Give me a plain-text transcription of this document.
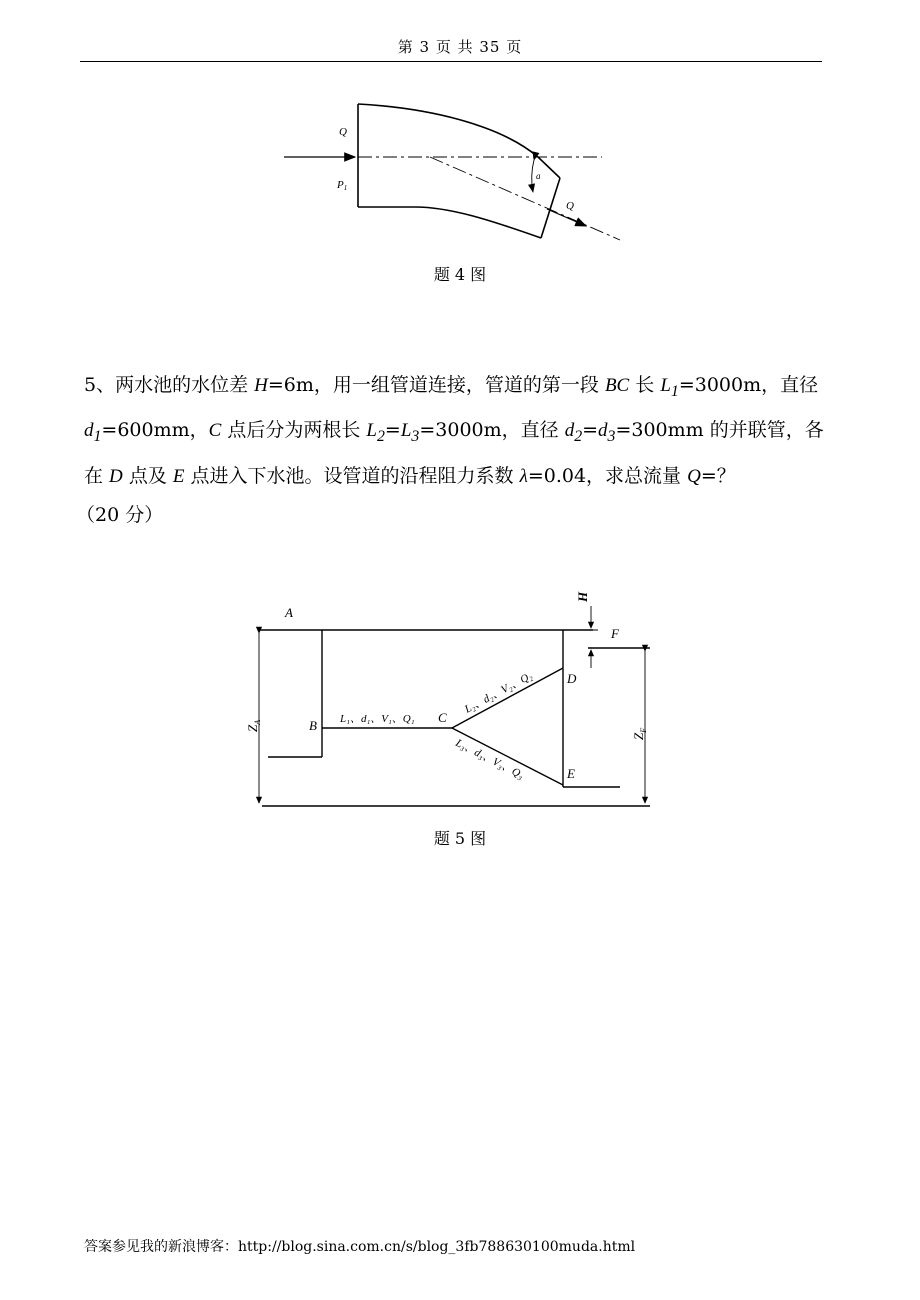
第 3 页 共 35 页
Q
P1
a
Q
题 4 图

5、两水池的水位差 H=6m，用一组管道连接，管道的第一段 BC 长 $L_1=3000m$，直径 $d_1=600mm$，C 点后分为两根长 $L_2=L_3=3000m$，直径 $d_2=d_3=300mm$ 的并联管，各在 D 点及 E 点进入下水池。设管道的沿程阻力系数 λ=0.04，求总流量 Q=？

（20 分）

A
B
C
D
E
F
H
$Z_A$
$Z_F$
L₁、d₁、V₁、Q₁
L₂、d₂、V₂、Q₂
L₃、d₃、V₃、Q₃
题 5 图
答案参见我的新浪博客：http://blog.sina.com.cn/s/blog_3fb788630100muda.html
